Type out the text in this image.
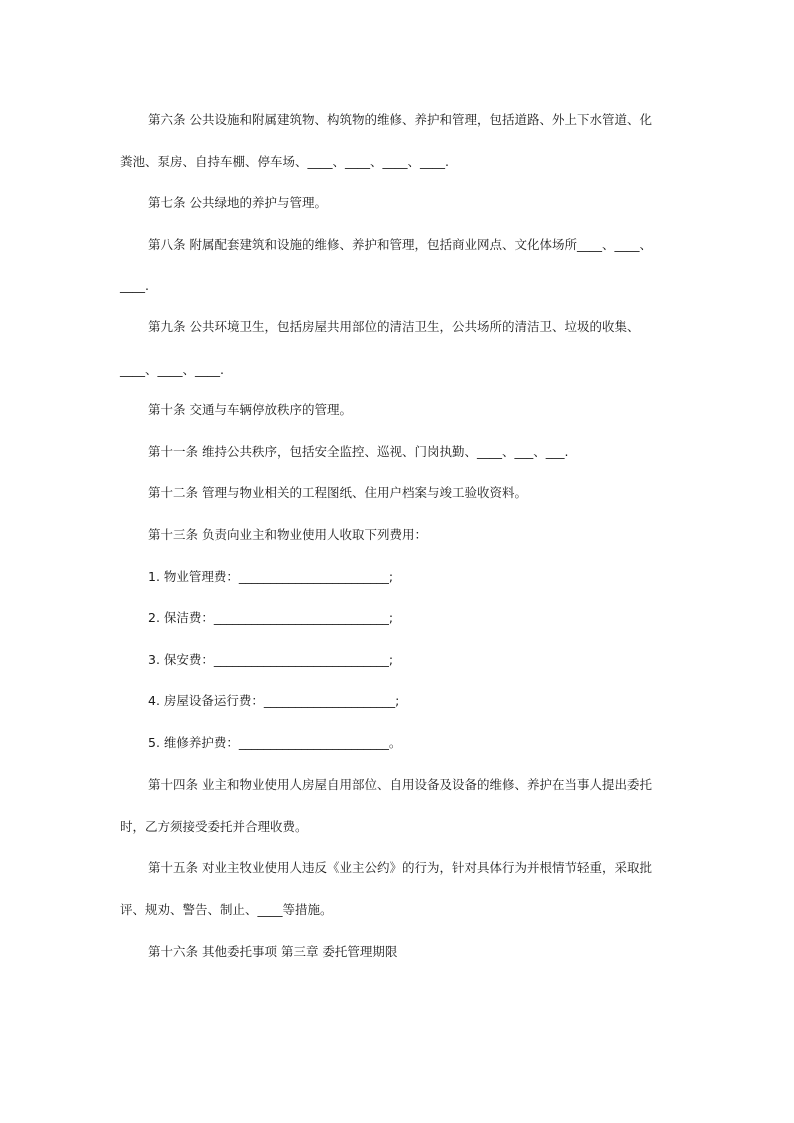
第六条 公共设施和附属建筑物、构筑物的维修、养护和管理，包括道路、外上下水管道、化
粪池、泵房、自持车棚、停车场、____、____、____、____.
第七条 公共绿地的养护与管理。
第八条 附属配套建筑和设施的维修、养护和管理，包括商业网点、文化体场所____、____、
____.
第九条 公共环境卫生，包括房屋共用部位的清洁卫生，公共场所的清洁卫、垃圾的收集、
____、____、____.
第十条 交通与车辆停放秩序的管理。
第十一条 维持公共秩序，包括安全监控、巡视、门岗执勤、____、___、___.
第十二条 管理与物业相关的工程图纸、住用户档案与竣工验收资料。
第十三条 负责向业主和物业使用人收取下列费用：
1. 物业管理费：________________________;
2. 保洁费：____________________________;
3. 保安费：____________________________;
4. 房屋设备运行费：_____________________;
5. 维修养护费：________________________。
第十四条 业主和物业使用人房屋自用部位、自用设备及设备的维修、养护在当事人提出委托
时，乙方须接受委托并合理收费。
第十五条 对业主牧业使用人违反《业主公约》的行为，针对具体行为并根情节轻重，采取批
评、规劝、警告、制止、____等措施。
第十六条 其他委托事项 第三章 委托管理期限
